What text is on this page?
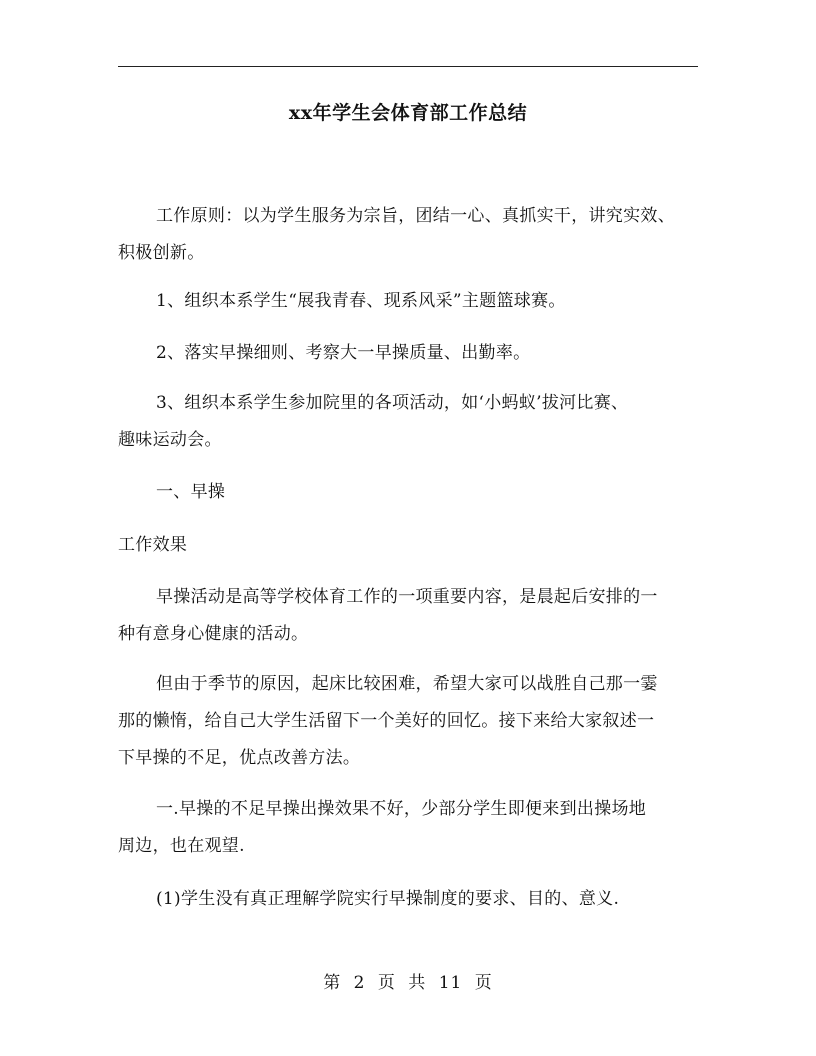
xx年学生会体育部工作总结
工作原则：以为学生服务为宗旨，团结一心、真抓实干，讲究实效、
积极创新。
1、组织本系学生“展我青春、现系风采”主题篮球赛。
2、落实早操细则、考察大一早操质量、出勤率。
3、组织本系学生参加院里的各项活动，如‘小蚂蚁’拔河比赛、
趣味运动会。
一、早操
工作效果
早操活动是高等学校体育工作的一项重要内容，是晨起后安排的一
种有意身心健康的活动。
但由于季节的原因，起床比较困难，希望大家可以战胜自己那一霎
那的懒惰，给自己大学生活留下一个美好的回忆。接下来给大家叙述一
下早操的不足，优点改善方法。
一.早操的不足早操出操效果不好，少部分学生即便来到出操场地
周边，也在观望.
(1)学生没有真正理解学院实行早操制度的要求、目的、意义.
第 2 页 共 11 页
